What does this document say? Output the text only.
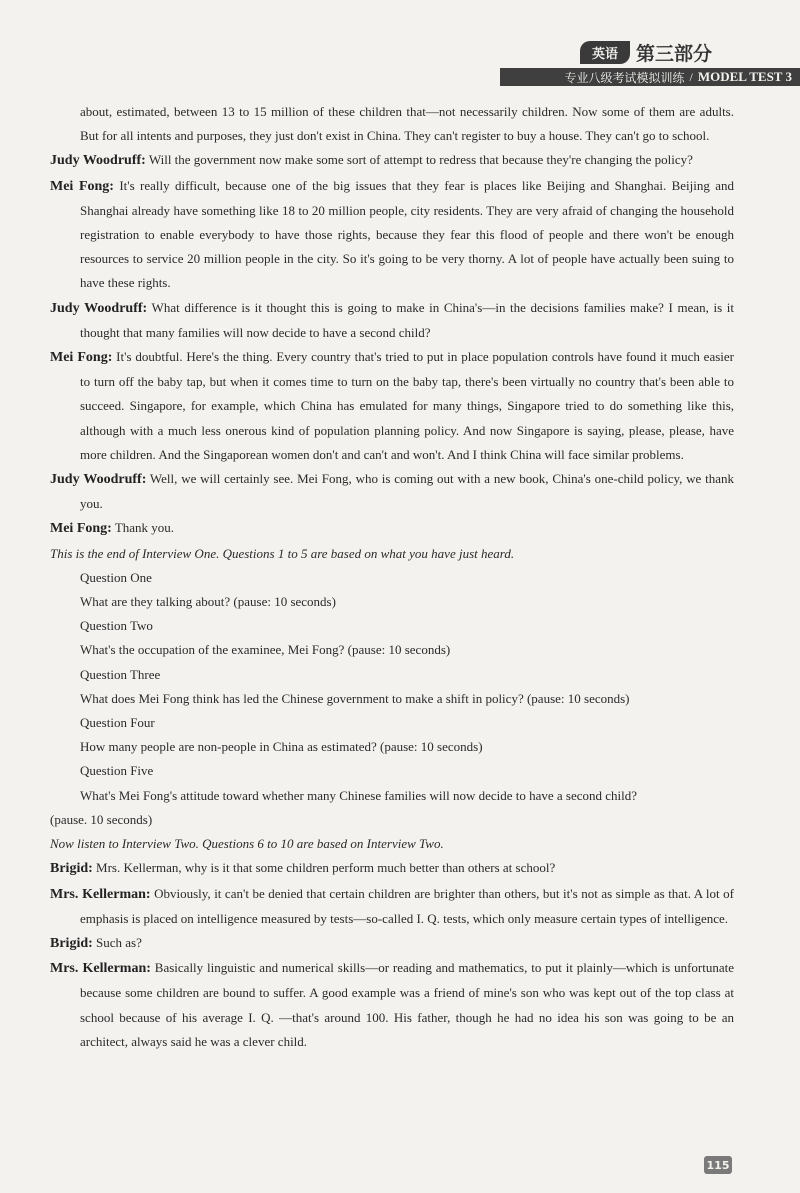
英语 第三部分
专业八级考试模拟训练 / MODEL TEST 3

about, estimated, between 13 to 15 million of these children that—not necessarily children. Now some of them are adults. But for all intents and purposes, they just don't exist in China. They can't register to buy a house. They can't go to school.

Judy Woodruff: Will the government now make some sort of attempt to redress that because they're changing the policy?

Mei Fong: It's really difficult, because one of the big issues that they fear is places like Beijing and Shanghai. Beijing and Shanghai already have something like 18 to 20 million people, city residents. They are very afraid of changing the household registration to enable everybody to have those rights, because they fear this flood of people and there won't be enough resources to service 20 million people in the city. So it's going to be very thorny. A lot of people have actually been suing to have these rights.

Judy Woodruff: What difference is it thought this is going to make in China's—in the decisions families make? I mean, is it thought that many families will now decide to have a second child?

Mei Fong: It's doubtful. Here's the thing. Every country that's tried to put in place population controls have found it much easier to turn off the baby tap, but when it comes time to turn on the baby tap, there's been virtually no country that's been able to succeed. Singapore, for example, which China has emulated for many things, Singapore tried to do something like this, although with a much less onerous kind of population planning policy. And now Singapore is saying, please, please, have more children. And the Singaporean women don't and can't and won't. And I think China will face similar problems.

Judy Woodruff: Well, we will certainly see. Mei Fong, who is coming out with a new book, China's one-child policy, we thank you.

Mei Fong: Thank you.

This is the end of Interview One. Questions 1 to 5 are based on what you have just heard.

Question One

What are they talking about? (pause: 10 seconds)

Question Two

What's the occupation of the examinee, Mei Fong? (pause: 10 seconds)

Question Three

What does Mei Fong think has led the Chinese government to make a shift in policy? (pause: 10 seconds)

Question Four

How many people are non-people in China as estimated? (pause: 10 seconds)

Question Five

What's Mei Fong's attitude toward whether many Chinese families will now decide to have a second child?

(pause. 10 seconds)

Now listen to Interview Two. Questions 6 to 10 are based on Interview Two.

Brigid: Mrs. Kellerman, why is it that some children perform much better than others at school?

Mrs. Kellerman: Obviously, it can't be denied that certain children are brighter than others, but it's not as simple as that. A lot of emphasis is placed on intelligence measured by tests—so-called I. Q. tests, which only measure certain types of intelligence.

Brigid: Such as?

Mrs. Kellerman: Basically linguistic and numerical skills—or reading and mathematics, to put it plainly—which is unfortunate because some children are bound to suffer. A good example was a friend of mine's son who was kept out of the top class at school because of his average I. Q. —that's around 100. His father, though he had no idea his son was going to be an architect, always said he was a clever child.

115
